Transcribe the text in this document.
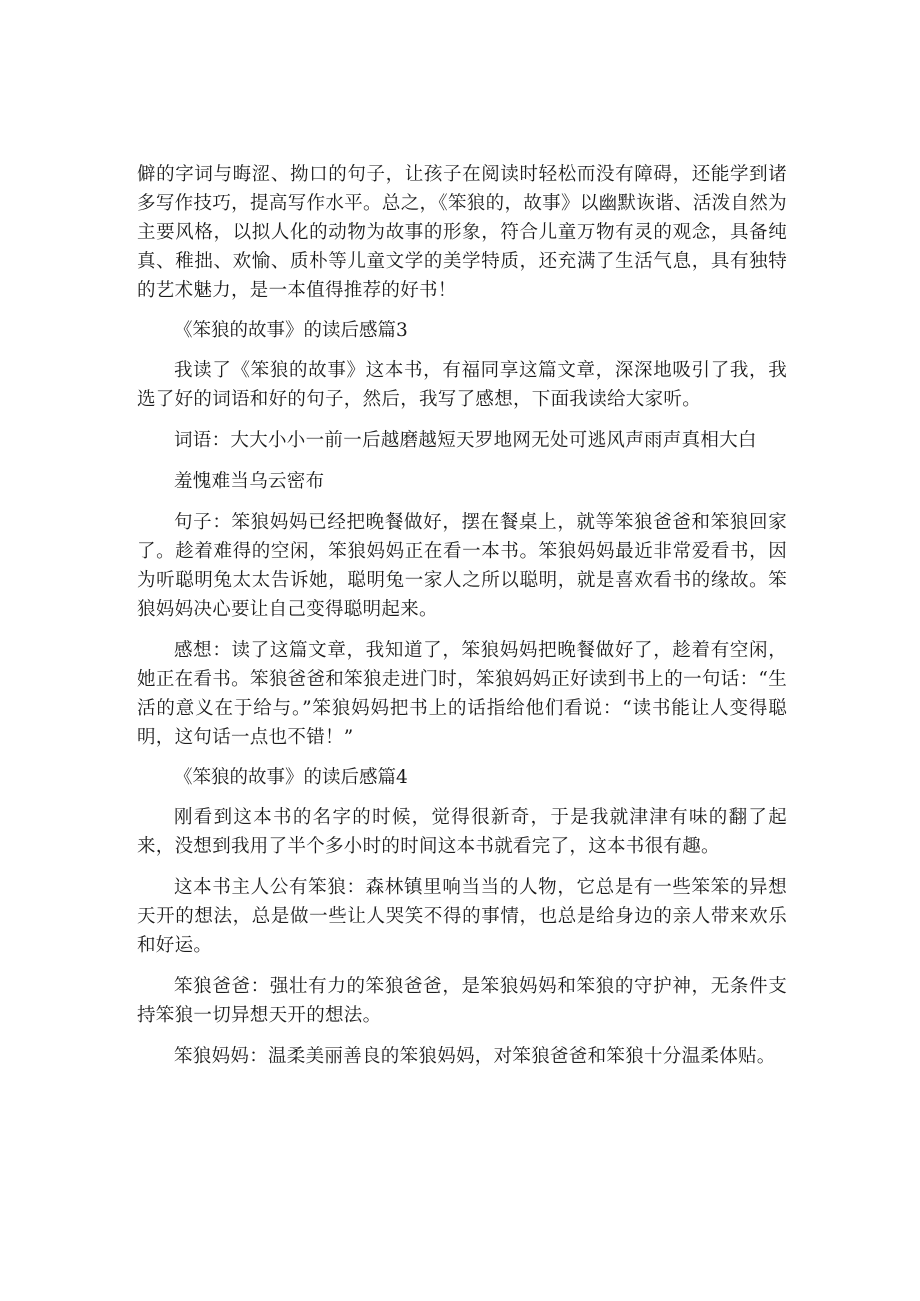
僻的字词与晦涩、拗口的句子，让孩子在阅读时轻松而没有障碍，还能学到诸多写作技巧，提高写作水平。总之，《笨狼的，故事》以幽默诙谐、活泼自然为主要风格，以拟人化的动物为故事的形象，符合儿童万物有灵的观念，具备纯真、稚拙、欢愉、质朴等儿童文学的美学特质，还充满了生活气息，具有独特的艺术魅力，是一本值得推荐的好书！

《笨狼的故事》的读后感篇3

我读了《笨狼的故事》这本书，有福同享这篇文章，深深地吸引了我，我选了好的词语和好的句子，然后，我写了感想，下面我读给大家听。

词语：大大小小一前一后越磨越短天罗地网无处可逃风声雨声真相大白

羞愧难当乌云密布

句子：笨狼妈妈已经把晚餐做好，摆在餐桌上，就等笨狼爸爸和笨狼回家了。趁着难得的空闲，笨狼妈妈正在看一本书。笨狼妈妈最近非常爱看书，因为听聪明兔太太告诉她，聪明兔一家人之所以聪明，就是喜欢看书的缘故。笨狼妈妈决心要让自己变得聪明起来。

感想：读了这篇文章，我知道了，笨狼妈妈把晚餐做好了，趁着有空闲，她正在看书。笨狼爸爸和笨狼走进门时，笨狼妈妈正好读到书上的一句话：“生活的意义在于给与。”笨狼妈妈把书上的话指给他们看说：“读书能让人变得聪明，这句话一点也不错！”

《笨狼的故事》的读后感篇4

刚看到这本书的名字的时候，觉得很新奇，于是我就津津有味的翻了起来，没想到我用了半个多小时的时间这本书就看完了，这本书很有趣。

这本书主人公有笨狼：森林镇里响当当的人物，它总是有一些笨笨的异想天开的想法，总是做一些让人哭笑不得的事情，也总是给身边的亲人带来欢乐和好运。

笨狼爸爸：强壮有力的笨狼爸爸，是笨狼妈妈和笨狼的守护神，无条件支持笨狼一切异想天开的想法。

笨狼妈妈：温柔美丽善良的笨狼妈妈，对笨狼爸爸和笨狼十分温柔体贴。
